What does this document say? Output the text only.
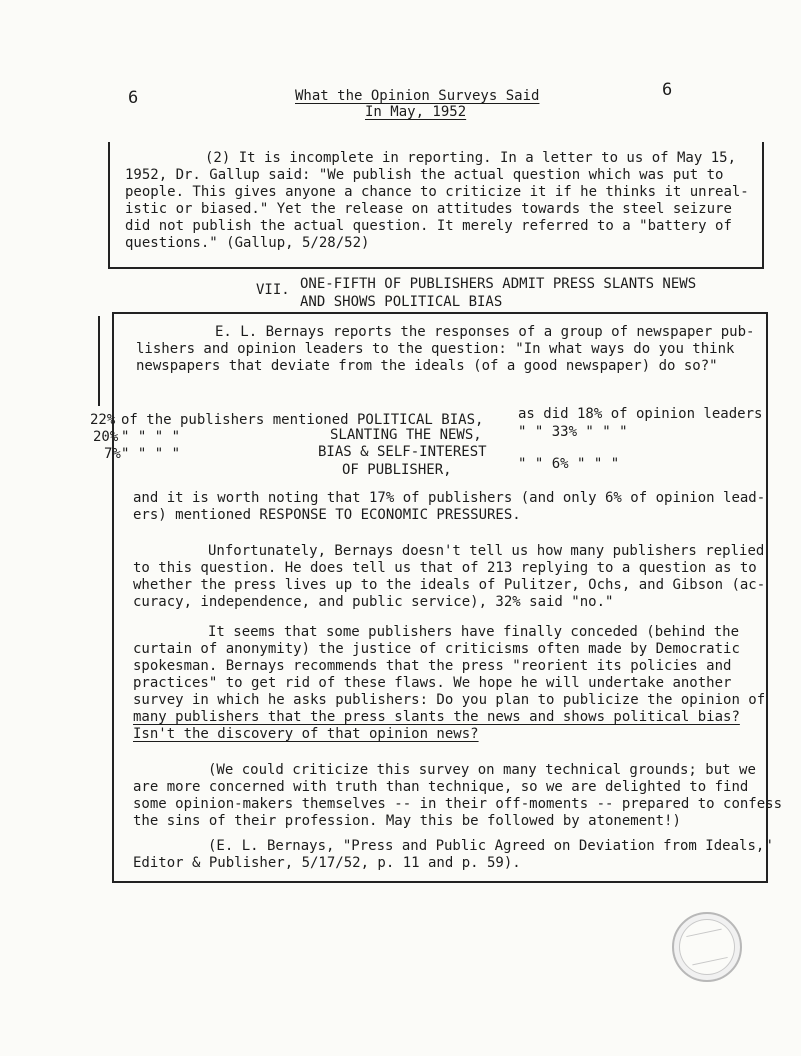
6	6
What the Opinion Surveys Said
In May, 1952
(2) It is incomplete in reporting. In a letter to us of May 15,
1952, Dr. Gallup said: "We publish the actual question which was put to
people. This gives anyone a chance to criticize it if he thinks it unreal-
istic or biased." Yet the release on attitudes towards the steel seizure
did not publish the actual question. It merely referred to a "battery of
questions." (Gallup, 5/28/52)
VII. ONE-FIFTH OF PUBLISHERS ADMIT PRESS SLANTS NEWS
AND SHOWS POLITICAL BIAS
E. L. Bernays reports the responses of a group of newspaper pub-
lishers and opinion leaders to the question: "In what ways do you think
newspapers that deviate from the ideals (of a good newspaper) do so?"
22% of the publishers mentioned POLITICAL BIAS, as did 18% of opinion leaders
20% " " " "	SLANTING THE NEWS,	" " 33% " " "
7% " " " "	BIAS & SELF-INTEREST
OF PUBLISHER,	" " 6% " " "
and it is worth noting that 17% of publishers (and only 6% of opinion lead-
ers) mentioned RESPONSE TO ECONOMIC PRESSURES.
Unfortunately, Bernays doesn't tell us how many publishers replied
to this question. He does tell us that of 213 replying to a question as to
whether the press lives up to the ideals of Pulitzer, Ochs, and Gibson (ac-
curacy, independence, and public service), 32% said "no."
It seems that some publishers have finally conceded (behind the
curtain of anonymity) the justice of criticisms often made by Democratic
spokesman. Bernays recommends that the press "reorient its policies and
practices" to get rid of these flaws. We hope he will undertake another
survey in which he asks publishers: Do you plan to publicize the opinion of
many publishers that the press slants the news and shows political bias?
Isn't the discovery of that opinion news?
(We could criticize this survey on many technical grounds; but we
are more concerned with truth than technique, so we are delighted to find
some opinion-makers themselves -- in their off-moments -- prepared to confess
the sins of their profession. May this be followed by atonement!)
(E. L. Bernays, "Press and Public Agreed on Deviation from Ideals,"
Editor & Publisher, 5/17/52, p. 11 and p. 59).
